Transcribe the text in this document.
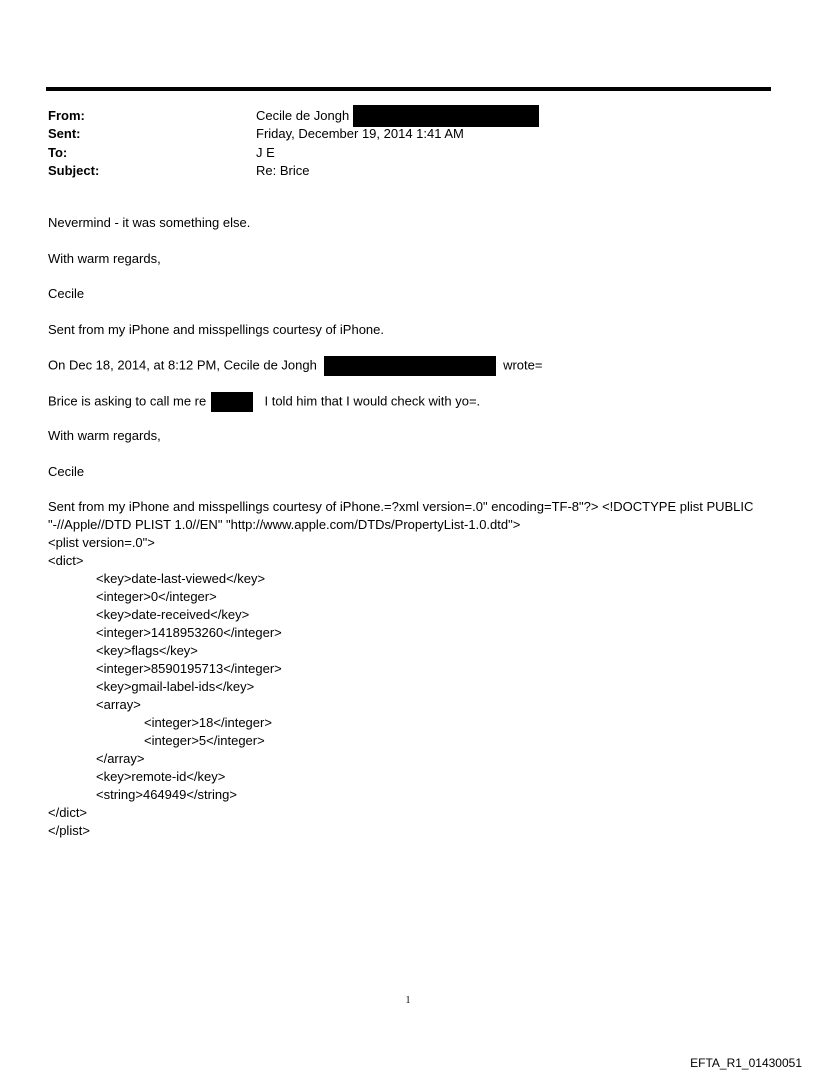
From:	Cecile de Jongh
Sent:	Friday, December 19, 2014 1:41 AM
To:	J E
Subject:	Re: Brice
Nevermind - it was something else.
With warm regards,
Cecile
Sent from my iPhone and misspellings courtesy of iPhone.
On Dec 18, 2014, at 8:12 PM, Cecile de Jongh	wrote=
Brice is asking to call me re	I told him that I would check with yo=.
With warm regards,
Cecile
Sent from my iPhone and misspellings courtesy of iPhone.=?xml version=.0" encoding=TF-8"?> <!DOCTYPE plist PUBLIC
"-//Apple//DTD PLIST 1.0//EN" "http://www.apple.com/DTDs/PropertyList-1.0.dtd">
<plist version=.0">
<dict>
<key>date-last-viewed</key>
<integer>0</integer>
<key>date-received</key>
<integer>1418953260</integer>
<key>flags</key>
<integer>8590195713</integer>
<key>gmail-label-ids</key>
<array>
<integer>18</integer>
<integer>5</integer>
</array>
<key>remote-id</key>
<string>464949</string>
</dict>
</plist>
1
EFTA_R1_01430051
